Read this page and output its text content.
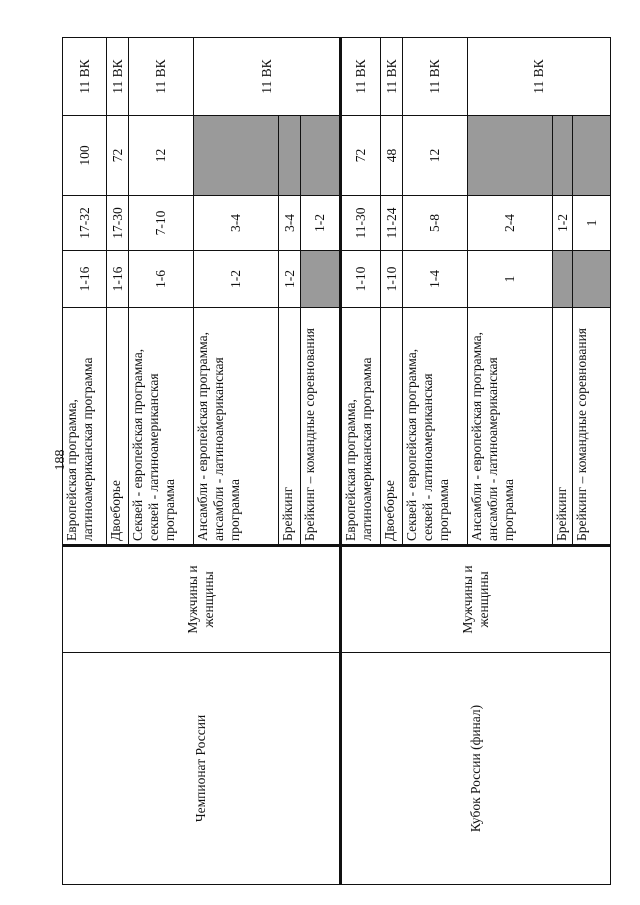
188
Чемпионат России	Мужчины и женщины	Европейская программа, латиноамериканская программа	1-16	17-32	100	11 ВК
		Двоеборье	1-16	17-30	72	11 ВК
		Секвей - европейская программа, секвей - латиноамериканская программа	1-6	7-10	12	11 ВК
		Ансамбли - европейская программа, ансамбли - латиноамериканская программа	1-2	3-4		11 ВК
		Брейкинг	1-2	3-4		
		Брейкинг – командные соревнования		1-2		
Кубок России (финал)	Мужчины и женщины	Европейская программа, латиноамериканская программа	1-10	11-30	72	11 ВК
		Двоеборье	1-10	11-24	48	11 ВК
		Секвей - европейская программа, секвей - латиноамериканская программа	1-4	5-8	12	11 ВК
		Ансамбли - европейская программа, ансамбли - латиноамериканская программа	1	2-4		11 ВК
		Брейкинг		1-2		
		Брейкинг – командные соревнования		1		
